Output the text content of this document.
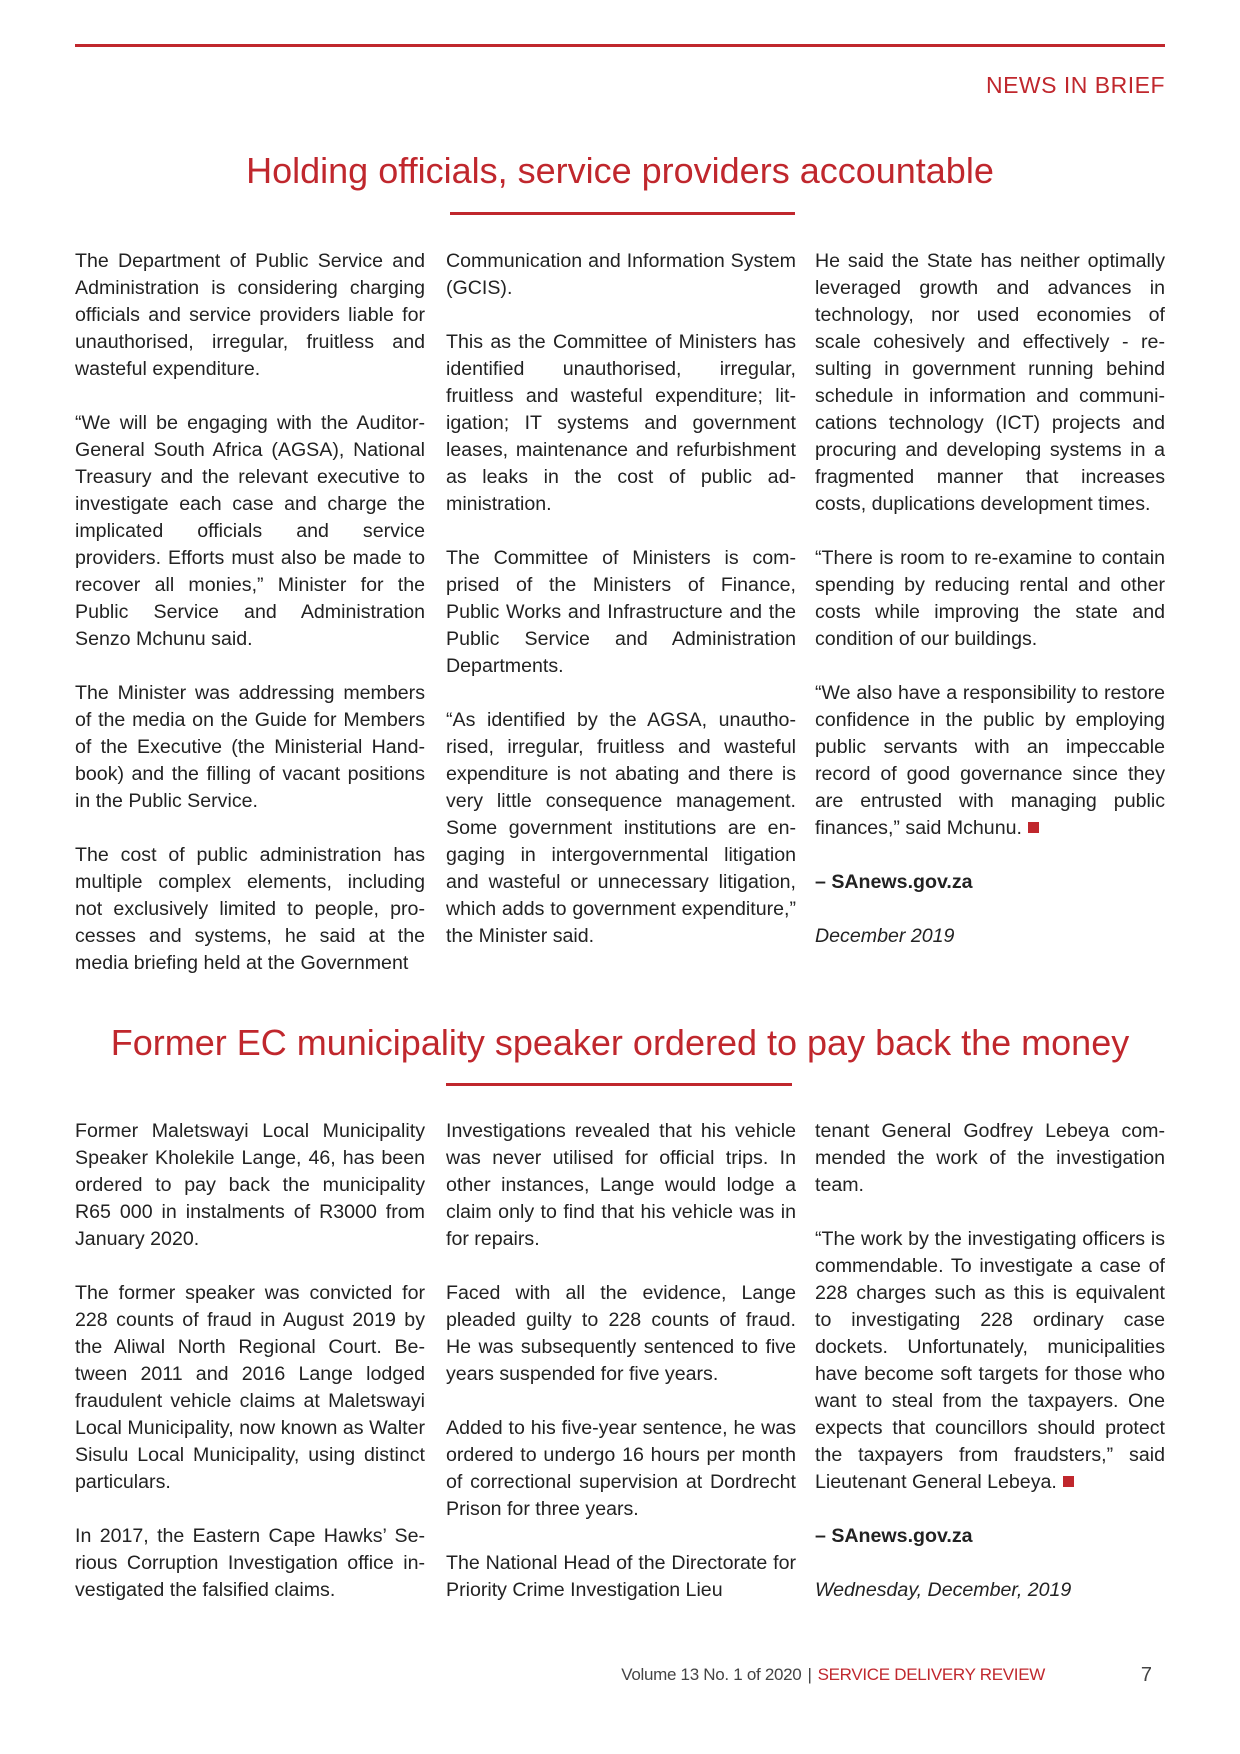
NEWS IN BRIEF
Holding officials, service providers accountable

The Department of Public Service and Administration is considering charging officials and service providers liable for unauthorised, irregular, fruitless and wasteful expenditure.

“We will be engaging with the Auditor-General South Africa (AGSA), National Treasury and the relevant executive to investigate each case and charge the implicated officials and service providers. Efforts must also be made to recover all monies,” Minister for the Public Service and Administration Senzo Mchunu said.

The Minister was addressing members of the media on the Guide for Members of the Executive (the Ministerial Handbook) and the filling of vacant positions in the Public Service.

The cost of public administration has multiple complex elements, including not exclusively limited to people, processes and systems, he said at the media briefing held at the Government

Communication and Information System (GCIS).

This as the Committee of Ministers has identified unauthorised, irregular, fruitless and wasteful expenditure; litigation; IT systems and government leases, maintenance and refurbishment as leaks in the cost of public administration.

The Committee of Ministers is comprised of the Ministers of Finance, Public Works and Infrastructure and the Public Service and Administration Departments.

“As identified by the AGSA, unauthorised, irregular, fruitless and wasteful expenditure is not abating and there is very little consequence management. Some government institutions are engaging in intergovernmental litigation and wasteful or unnecessary litigation, which adds to government expenditure,” the Minister said.

He said the State has neither optimally leveraged growth and advances in technology, nor used economies of scale cohesively and effectively - resulting in government running behind schedule in information and communications technology (ICT) projects and procuring and developing systems in a fragmented manner that increases costs, duplications development times.

“There is room to re-examine to contain spending by reducing rental and other costs while improving the state and condition of our buildings.

“We also have a responsibility to restore confidence in the public by employing public servants with an impeccable record of good governance since they are entrusted with managing public finances,” said Mchunu.

– SAnews.gov.za

December 2019

Former EC municipality speaker ordered to pay back the money

Former Maletswayi Local Municipality Speaker Kholekile Lange, 46, has been ordered to pay back the municipality R65 000 in instalments of R3000 from January 2020.

The former speaker was convicted for 228 counts of fraud in August 2019 by the Aliwal North Regional Court. Between 2011 and 2016 Lange lodged fraudulent vehicle claims at Maletswayi Local Municipality, now known as Walter Sisulu Local Municipality, using distinct particulars.

In 2017, the Eastern Cape Hawks’ Serious Corruption Investigation office investigated the falsified claims.

Investigations revealed that his vehicle was never utilised for official trips. In other instances, Lange would lodge a claim only to find that his vehicle was in for repairs.

Faced with all the evidence, Lange pleaded guilty to 228 counts of fraud. He was subsequently sentenced to five years suspended for five years.

Added to his five-year sentence, he was ordered to undergo 16 hours per month of correctional supervision at Dordrecht Prison for three years.

The National Head of the Directorate for Priority Crime Investigation Lieu

tenant General Godfrey Lebeya commended the work of the investigation team.

“The work by the investigating officers is commendable. To investigate a case of 228 charges such as this is equivalent to investigating 228 ordinary case dockets. Unfortunately, municipalities have become soft targets for those who want to steal from the taxpayers. One expects that councillors should protect the taxpayers from fraudsters,” said Lieutenant General Lebeya.

– SAnews.gov.za

Wednesday, December, 2019

Volume 13 No. 1 of 2020 | SERVICE DELIVERY REVIEW	7
